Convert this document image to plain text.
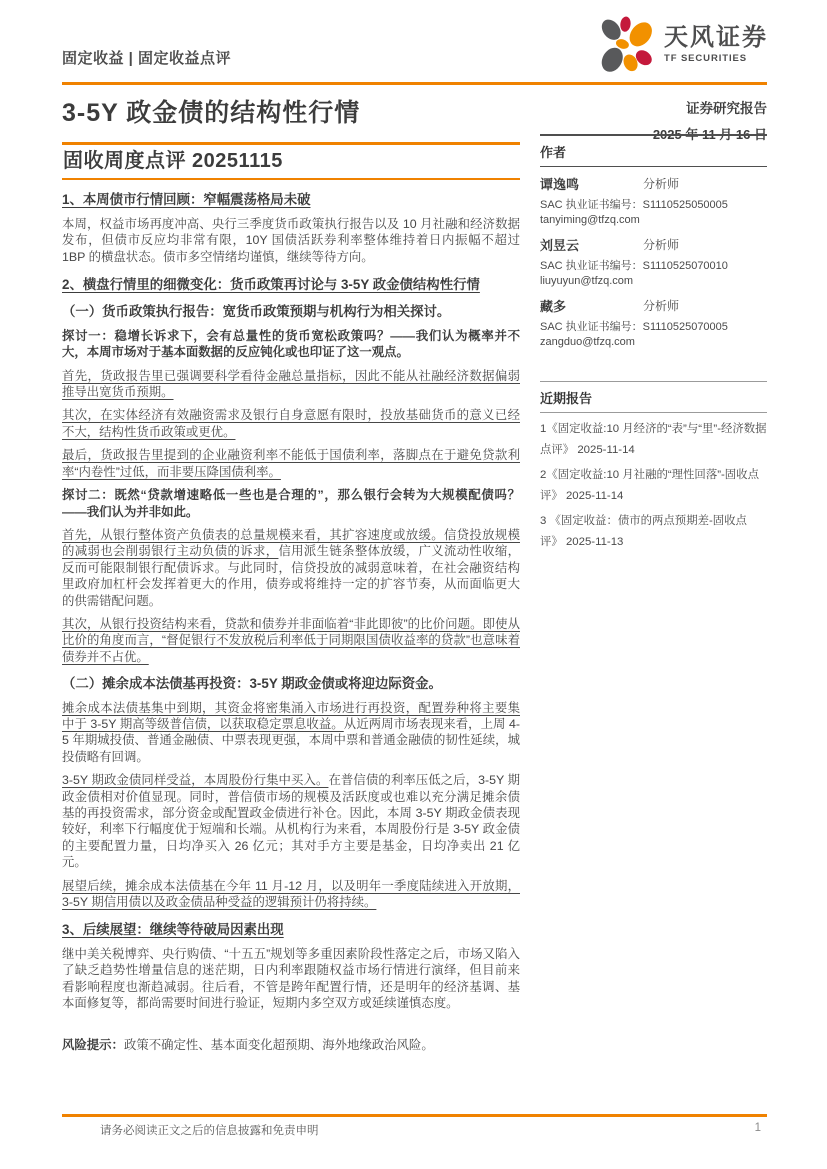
固定收益 | 固定收益点评
天风证券
TF SECURITIES
3-5Y 政金债的结构性行情	证券研究报告
2025 年 11 月 16 日
固收周度点评 20251115
1、本周债市行情回顾：窄幅震荡格局未破

本周，权益市场再度冲高、央行三季度货币政策执行报告以及 10 月社融和经济数据发布，但债市反应均非常有限，10Y 国债活跃券利率整体维持着日内振幅不超过 1BP 的横盘状态。债市多空情绪均谨慎，继续等待方向。

2、横盘行情里的细微变化：货币政策再讨论与 3-5Y 政金债结构性行情
（一）货币政策执行报告：宽货币政策预期与机构行为相关探讨。

探讨一：稳增长诉求下，会有总量性的货币宽松政策吗？——我们认为概率并不大，本周市场对于基本面数据的反应钝化或也印证了这一观点。

首先，货政报告里已强调要科学看待金融总量指标，因此不能从社融经济数据偏弱推导出宽货币预期。

其次，在实体经济有效融资需求及银行自身意愿有限时，投放基础货币的意义已经不大，结构性货币政策或更优。

最后，货政报告里提到的企业融资利率不能低于国债利率，落脚点在于避免贷款利率“内卷性”过低，而非要压降国债利率。

探讨二：既然“贷款增速略低一些也是合理的”，那么银行会转为大规模配债吗？——我们认为并非如此。

首先，从银行整体资产负债表的总量规模来看，其扩容速度或放缓。信贷投放规模的减弱也会削弱银行主动负债的诉求，信用派生链条整体放缓，广义流动性收缩，反而可能限制银行配债诉求。与此同时，信贷投放的减弱意味着，在社会融资结构里政府加杠杆会发挥着更大的作用，债券或将维持一定的扩容节奏，从而面临更大的供需错配问题。

其次，从银行投资结构来看，贷款和债券并非面临着“非此即彼”的比价问题。即使从比价的角度而言，“督促银行不发放税后利率低于同期限国债收益率的贷款”也意味着债券并不占优。

（二）摊余成本法债基再投资：3-5Y 期政金债或将迎边际资金。

摊余成本法债基集中到期，其资金将密集涌入市场进行再投资，配置券种将主要集中于 3-5Y 期高等级普信债，以获取稳定票息收益。从近两周市场表现来看，上周 4-5 年期城投债、普通金融债、中票表现更强，本周中票和普通金融债的韧性延续，城投债略有回调。

3-5Y 期政金债同样受益，本周股份行集中买入。在普信债的利率压低之后，3-5Y 期政金债相对价值显现。同时，普信债市场的规模及活跃度或也难以充分满足摊余债基的再投资需求，部分资金或配置政金债进行补仓。因此，本周 3-5Y 期政金债表现较好，利率下行幅度优于短端和长端。从机构行为来看，本周股份行是 3-5Y 政金债的主要配置力量，日均净买入 26 亿元；其对手方主要是基金，日均净卖出 21 亿元。

展望后续，摊余成本法债基在今年 11 月-12 月，以及明年一季度陆续进入开放期，3-5Y 期信用债以及政金债品种受益的逻辑预计仍将持续。

3、后续展望：继续等待破局因素出现

继中美关税博弈、央行购债、“十五五”规划等多重因素阶段性落定之后，市场又陷入了缺乏趋势性增量信息的迷茫期，日内利率跟随权益市场行情进行演绎，但目前来看影响程度也渐趋减弱。往后看，不管是跨年配置行情，还是明年的经济基调、基本面修复等，都尚需要时间进行验证，短期内多空双方或延续谨慎态度。

风险提示：政策不确定性、基本面变化超预期、海外地缘政治风险。

作者
谭逸鸣	分析师
SAC 执业证书编号：S1110525050005
tanyiming@tfzq.com
刘昱云	分析师
SAC 执业证书编号：S1110525070010
liuyuyun@tfzq.com
藏多	分析师
SAC 执业证书编号：S1110525070005
zangduo@tfzq.com
近期报告
1《固定收益:10 月经济的“表”与“里”-经济数据点评》 2025-11-14
2《固定收益:10 月社融的“理性回落”-固收点评》 2025-11-14
3 《固定收益：债市的两点预期差-固收点评》 2025-11-13
请务必阅读正文之后的信息披露和免责申明	1
